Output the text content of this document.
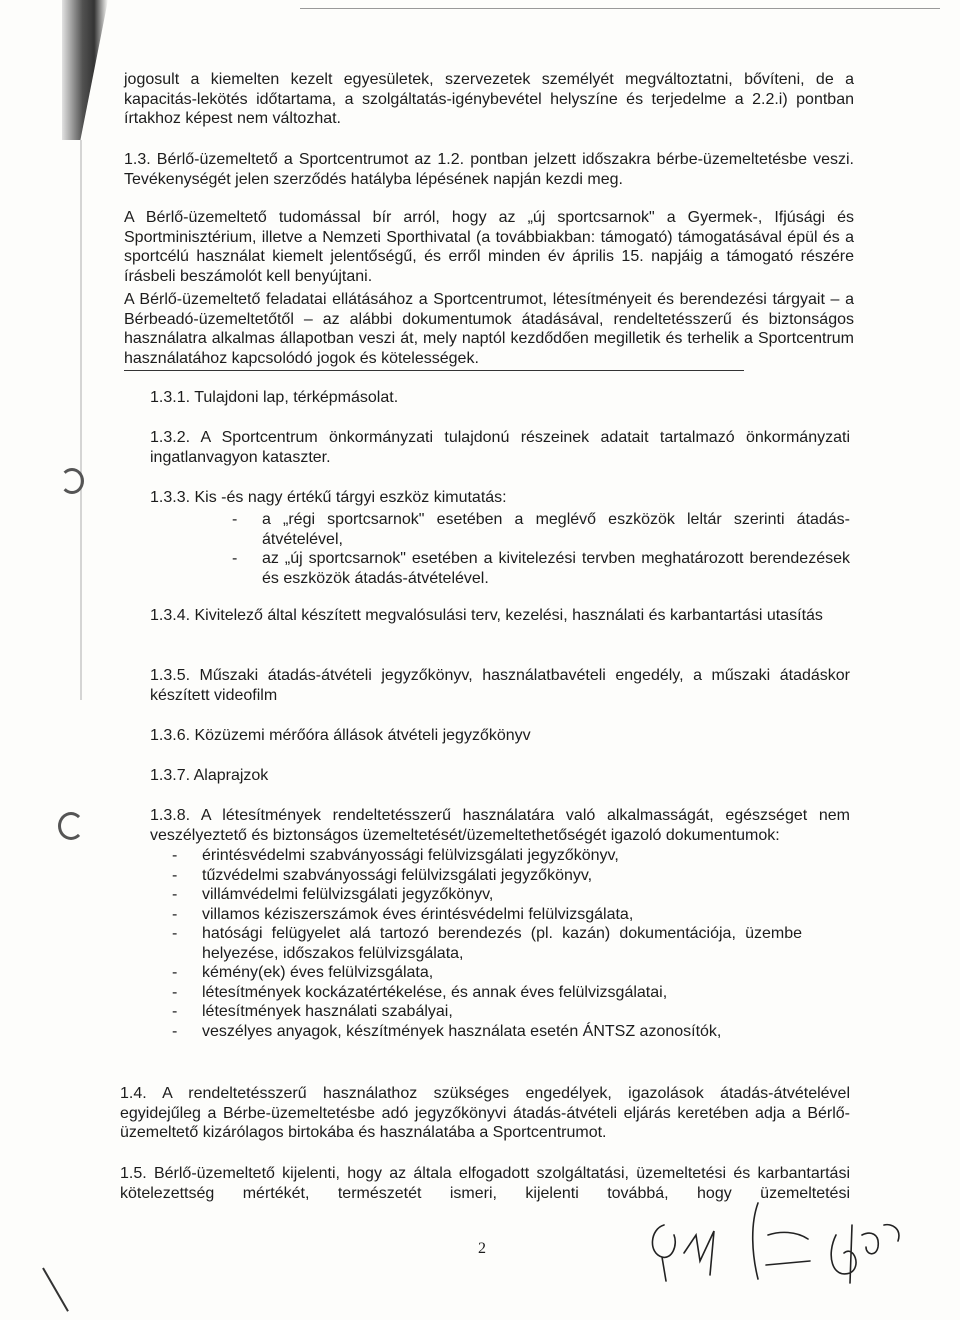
jogosult a kiemelten kezelt egyesületek, szervezetek személyét megváltoztatni, bővíteni, de a kapacitás-lekötés időtartama, a szolgáltatás-igénybevétel helyszíne és terjedelme a 2.2.i) pontban írtakhoz képest nem változhat.

1.3. Bérlő-üzemeltető a Sportcentrumot az 1.2. pontban jelzett időszakra bérbe-üzemeltetésbe veszi. Tevékenységét jelen szerződés hatályba lépésének napján kezdi meg.

A Bérlő-üzemeltető tudomással bír arról, hogy az „új sportcsarnok" a Gyermek-, Ifjúsági és Sportminisztérium, illetve a Nemzeti Sporthivatal (a továbbiakban: támogató) támogatásával épül és a sportcélú használat kiemelt jelentőségű, és erről minden év április 15. napjáig a támogató részére írásbeli beszámolót kell benyújtani.

A Bérlő-üzemeltető feladatai ellátásához a Sportcentrumot, létesítményeit és berendezési tárgyait – a Bérbeadó-üzemeltetőtől – az alábbi dokumentumok átadásával, rendeltetésszerű és biztonságos használatra alkalmas állapotban veszi át, mely naptól kezdődően megilletik és terhelik a Sportcentrum használatához kapcsolódó jogok és kötelességek.

1.3.1. Tulajdoni lap, térképmásolat.
1.3.2. A Sportcentrum önkormányzati tulajdonú részeinek adatait tartalmazó önkormányzati ingatlanvagyon kataszter.
1.3.3. Kis -és nagy értékű tárgyi eszköz kimutatás:
- a „régi sportcsarnok" esetében a meglévő eszközök leltár szerinti átadás-átvételével,
- az „új sportcsarnok" esetében a kivitelezési tervben meghatározott berendezések és eszközök átadás-átvételével.
1.3.4. Kivitelező által készített megvalósulási terv, kezelési, használati és karbantartási utasítás
1.3.5. Műszaki átadás-átvételi jegyzőkönyv, használatbavételi engedély, a műszaki átadáskor készített videofilm
1.3.6. Közüzemi mérőóra állások átvételi jegyzőkönyv
1.3.7. Alaprajzok
1.3.8. A létesítmények rendeltetésszerű használatára való alkalmasságát, egészséget nem veszélyeztető és biztonságos üzemeltetését/üzemeltethetőségét igazoló dokumentumok:
- érintésvédelmi szabványossági felülvizsgálati jegyzőkönyv,
- tűzvédelmi szabványossági felülvizsgálati jegyzőkönyv,
- villámvédelmi felülvizsgálati jegyzőkönyv,
- villamos kéziszerszámok éves érintésvédelmi felülvizsgálata,
- hatósági felügyelet alá tartozó berendezés (pl. kazán) dokumentációja, üzembe helyezése, időszakos felülvizsgálata,
- kémény(ek) éves felülvizsgálata,
- létesítmények kockázatértékelése, és annak éves felülvizsgálatai,
- létesítmények használati szabályai,
- veszélyes anyagok, készítmények használata esetén ÁNTSZ azonosítók,

1.4. A rendeltetésszerű használathoz szükséges engedélyek, igazolások átadás-átvételével egyidejűleg a Bérbe-üzemeltetésbe adó jegyzőkönyvi átadás-átvételi eljárás keretében adja a Bérlő-üzemeltető kizárólagos birtokába és használatába a Sportcentrumot.

1.5. Bérlő-üzemeltető kijelenti, hogy az általa elfogadott szolgáltatási, üzemeltetési és karbantartási kötelezettség mértékét, természetét ismeri, kijelenti továbbá, hogy üzemeltetési

2
